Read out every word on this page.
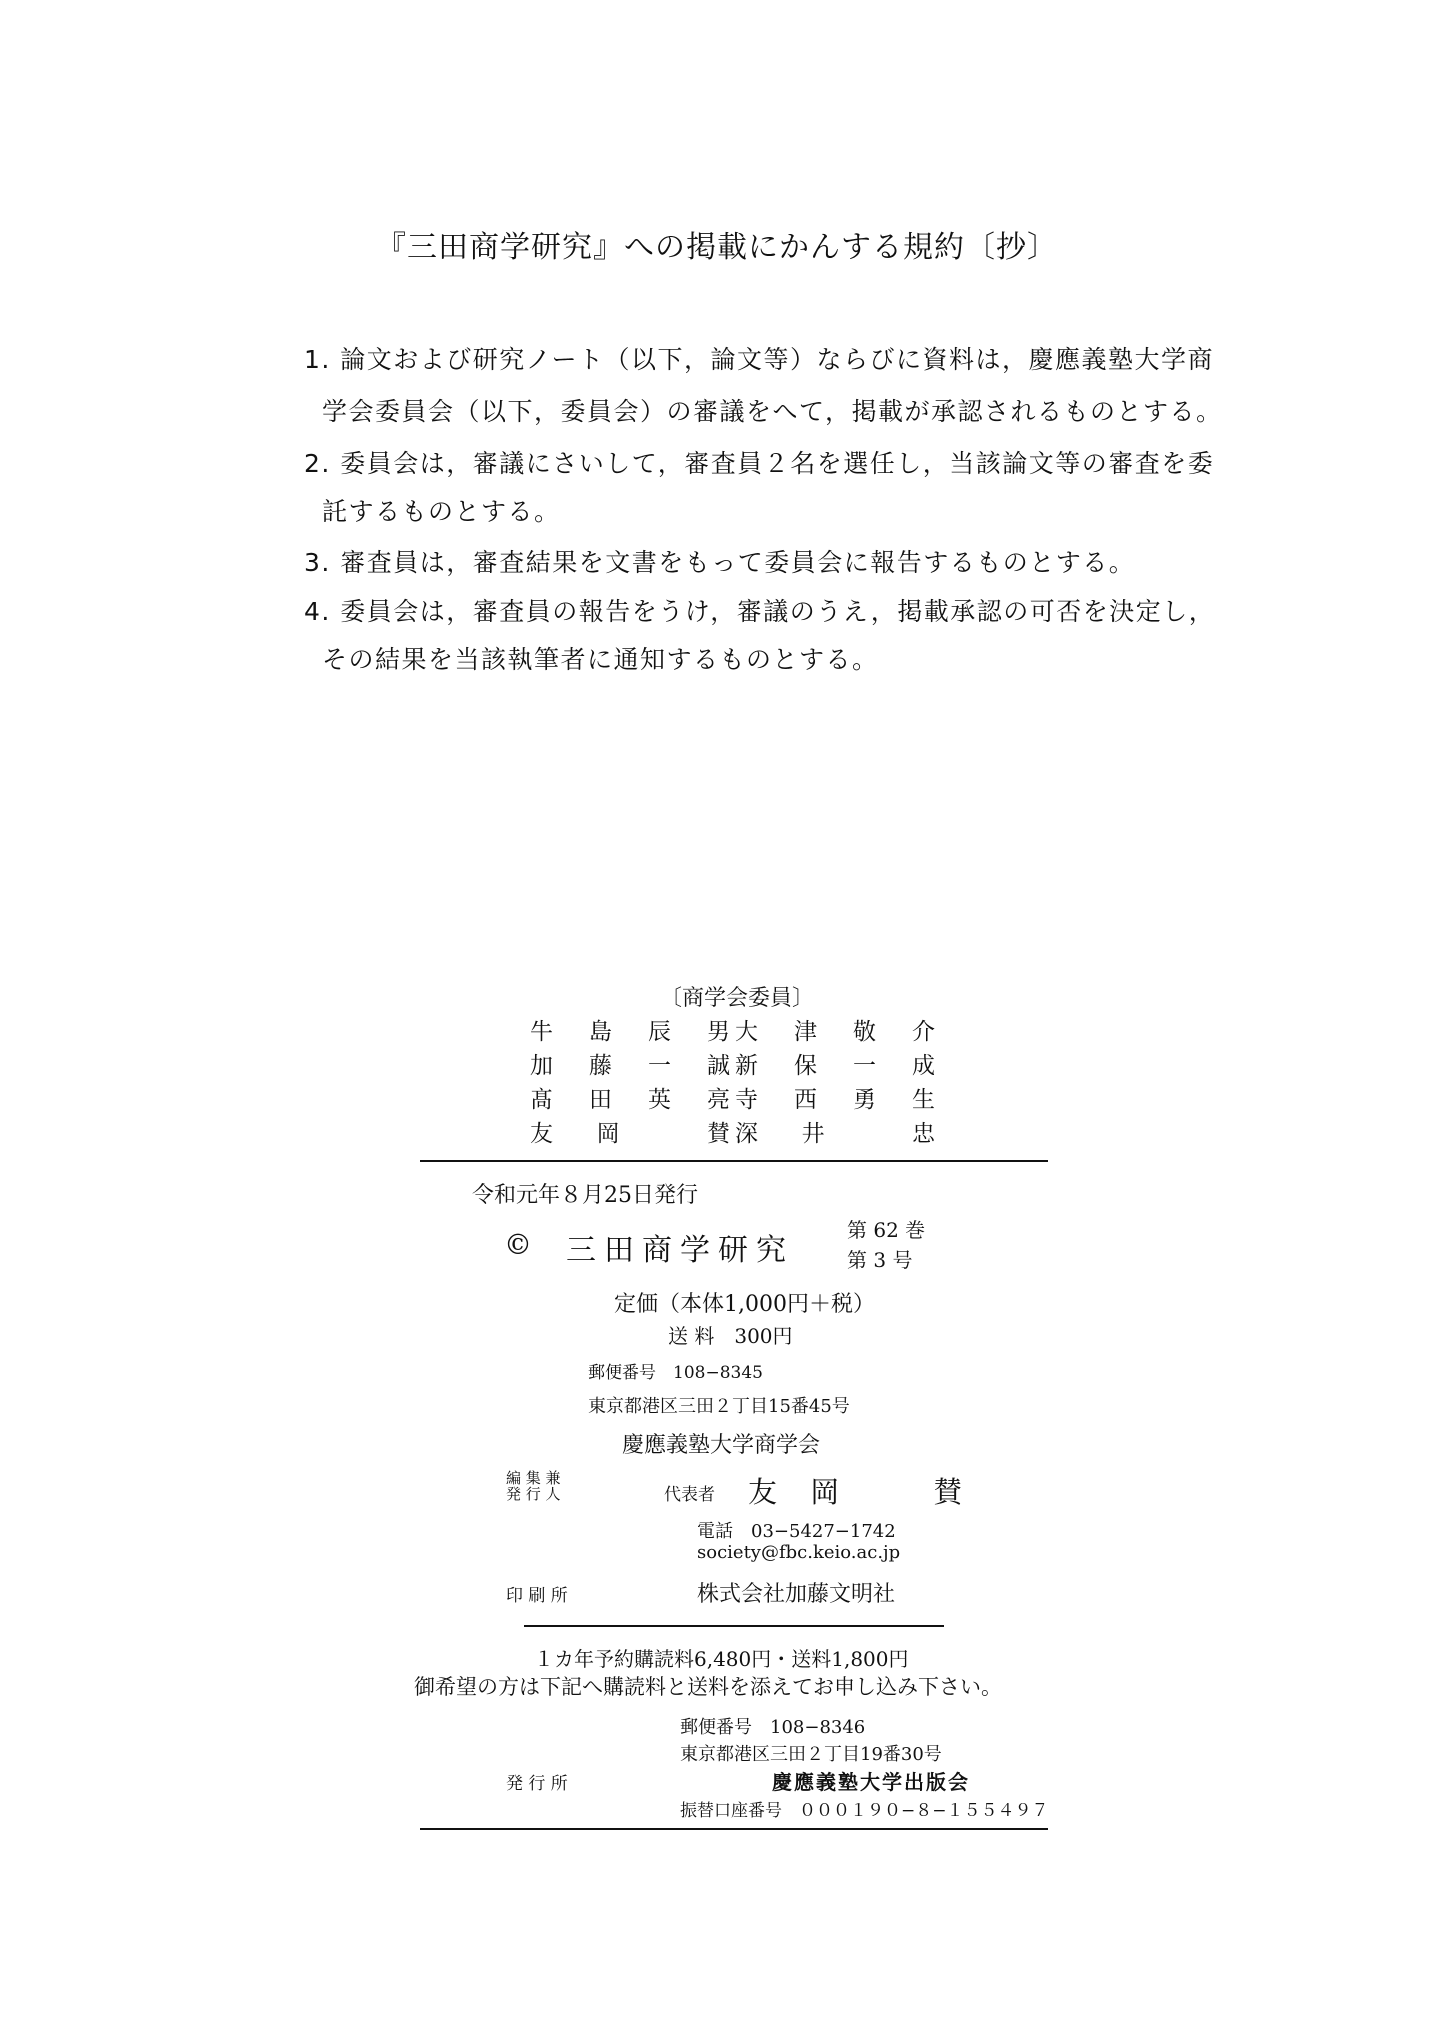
『三田商学研究』への掲載にかんする規約〔抄〕
1. 論文および研究ノート（以下，論文等）ならびに資料は，慶應義塾大学商
学会委員会（以下，委員会）の審議をへて，掲載が承認されるものとする。
2. 委員会は，審議にさいして，審査員２名を選任し，当該論文等の審査を委
託するものとする。
3. 審査員は，審査結果を文書をもって委員会に報告するものとする。
4. 委員会は，審査員の報告をうけ，審議のうえ，掲載承認の可否を決定し，
その結果を当該執筆者に通知するものとする。
〔商学会委員〕
牛 島 辰 男 大 津 敬 介
加 藤 一 誠 新 保 一 成
髙 田 英 亮 寺 西 勇 生
友 岡	賛 深 井	忠
令和元年８月25日発行
© 三田商学研究
第 62 巻
第 3 号
定価（本体1,000円＋税）
送 料　300円
郵便番号　108−8345
東京都港区三田２丁目15番45号
慶應義塾大学商学会
編 集 兼
発 行 人	代表者 友 岡　　賛
電話　03−5427−1742
society@fbc.keio.ac.jp
印 刷 所	株式会社加藤文明社
１カ年予約購読料6,480円・送料1,800円
御希望の方は下記へ購読料と送料を添えてお申し込み下さい。
郵便番号　108−8346
東京都港区三田２丁目19番30号
発 行 所	慶應義塾大学出版会
振替口座番号　０００１９０−８−１５５４９７
